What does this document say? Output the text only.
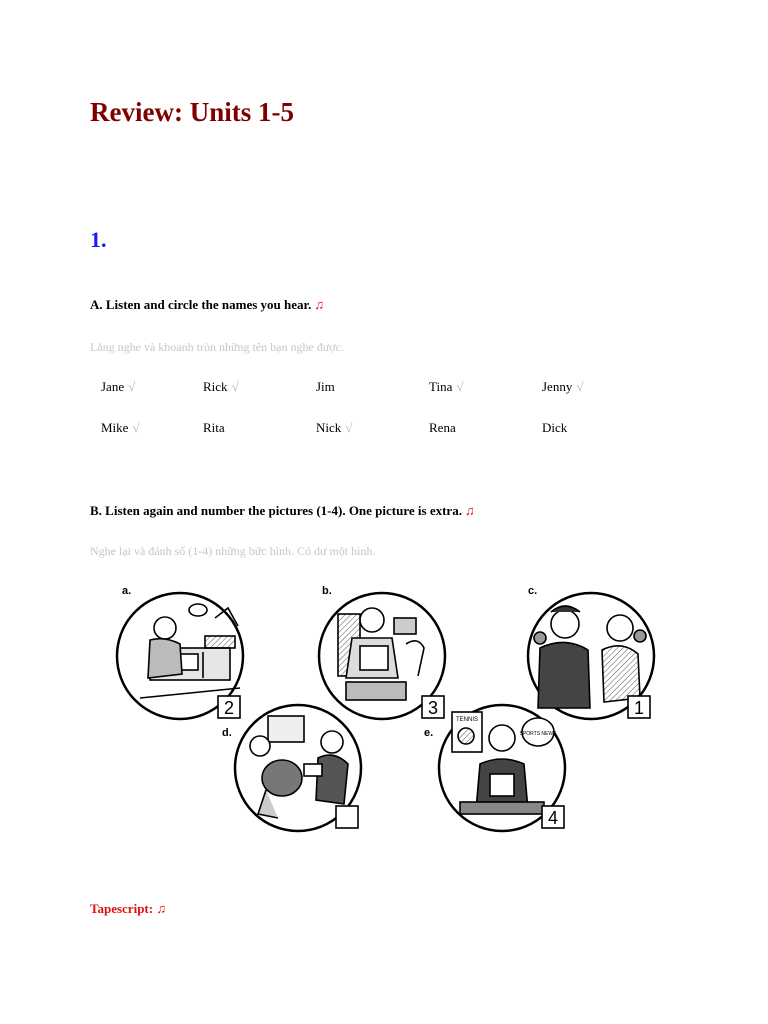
Review: Units 1-5
1.
A. Listen and circle the names you hear. ♫
Lắng nghe và khoanh tròn những tên bạn nghe được.
Jane √	Rick √	Jim	Tina √	Jenny √
Mike √	Rita	Nick √	Rena	Dick
B. Listen again and number the pictures (1-4). One picture is extra. ♫
Nghe lại và đánh số (1-4) những bức hình. Có dư một hình.
a.
2
b.
3
c.
1
d.	e.
TENNIS
SPORTS NEWS
4
Tapescript: ♫
